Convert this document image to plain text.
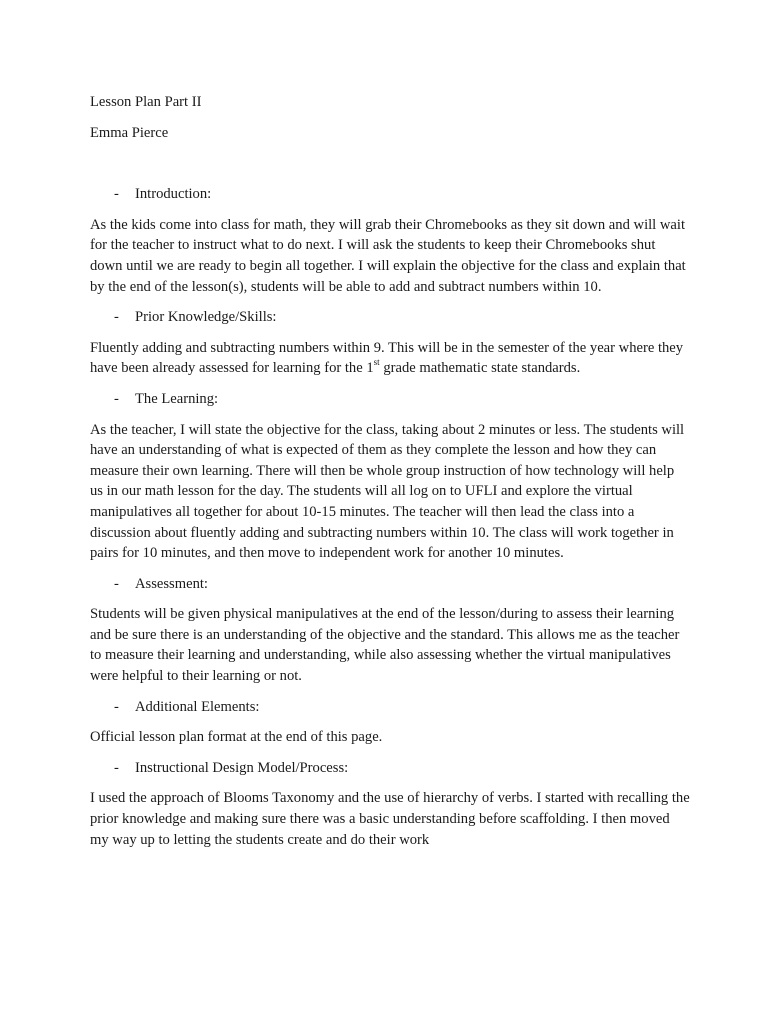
Lesson Plan Part II

Emma Pierce

-	Introduction:

As the kids come into class for math, they will grab their Chromebooks as they sit down and will wait for the teacher to instruct what to do next. I will ask the students to keep their Chromebooks shut down until we are ready to begin all together. I will explain the objective for the class and explain that by the end of the lesson(s), students will be able to add and subtract numbers within 10.

-	Prior Knowledge/Skills:

Fluently adding and subtracting numbers within 9. This will be in the semester of the year where they have been already assessed for learning for the 1st grade mathematic state standards.

-	The Learning:

As the teacher, I will state the objective for the class, taking about 2 minutes or less. The students will have an understanding of what is expected of them as they complete the lesson and how they can measure their own learning. There will then be whole group instruction of how technology will help us in our math lesson for the day. The students will all log on to UFLI and explore the virtual manipulatives all together for about 10-15 minutes. The teacher will then lead the class into a discussion about fluently adding and subtracting numbers within 10. The class will work together in pairs for 10 minutes, and then move to independent work for another 10 minutes.

-	Assessment:

Students will be given physical manipulatives at the end of the lesson/during to assess their learning and be sure there is an understanding of the objective and the standard. This allows me as the teacher to measure their learning and understanding, while also assessing whether the virtual manipulatives were helpful to their learning or not.

-	Additional Elements:

Official lesson plan format at the end of this page.

-	Instructional Design Model/Process:

I used the approach of Blooms Taxonomy and the use of hierarchy of verbs. I started with recalling the prior knowledge and making sure there was a basic understanding before scaffolding. I then moved my way up to letting the students create and do their work
